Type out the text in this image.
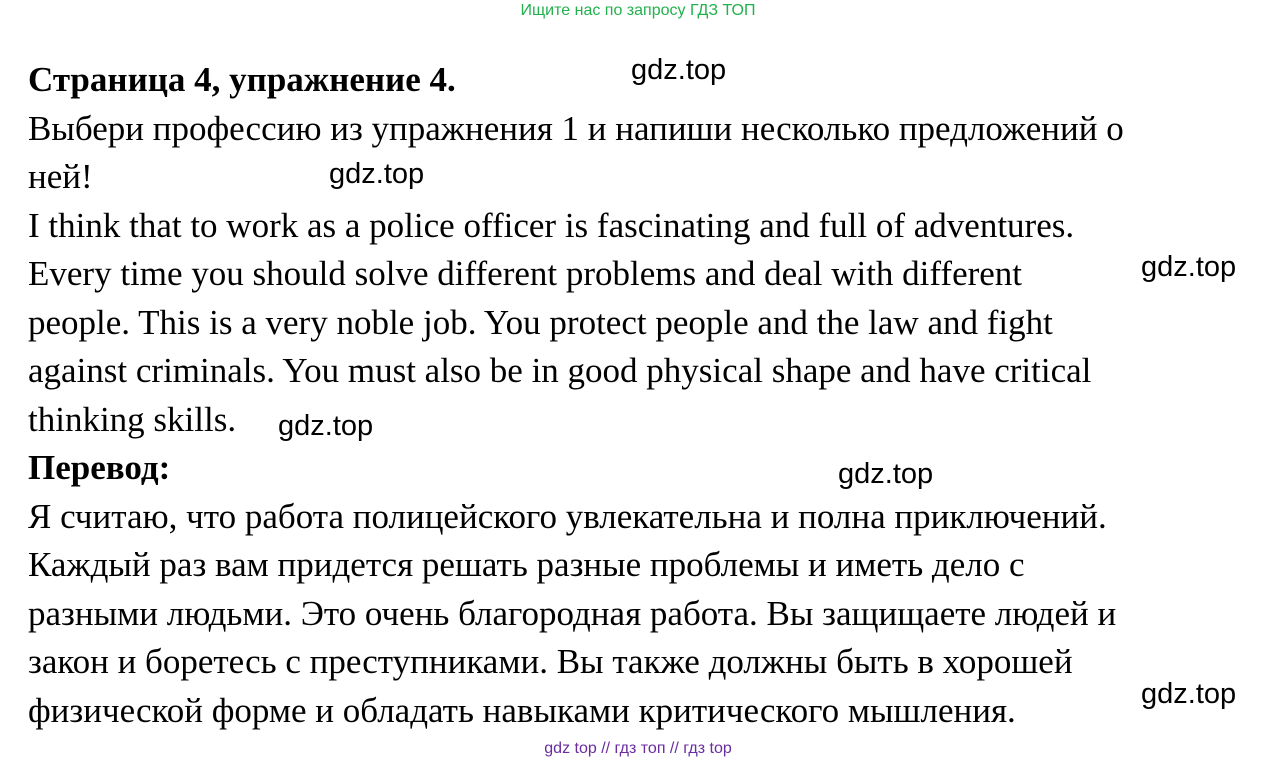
Ищите нас по запросу ГДЗ ТОП
Страница 4, упражнение 4.
Выбери профессию из упражнения 1 и напиши несколько предложений о
ней!
I think that to work as a police officer is fascinating and full of adventures.
Every time you should solve different problems and deal with different
people. This is a very noble job. You protect people and the law and fight
against criminals. You must also be in good physical shape and have critical
thinking skills.
Перевод:
Я считаю, что работа полицейского увлекательна и полна приключений.
Каждый раз вам придется решать разные проблемы и иметь дело с
разными людьми. Это очень благородная работа. Вы защищаете людей и
закон и боретесь с преступниками. Вы также должны быть в хорошей
физической форме и обладать навыками критического мышления.
gdz.top
gdz.top
gdz.top
gdz.top
gdz.top
gdz.top
gdz top // гдз топ // гдз top
